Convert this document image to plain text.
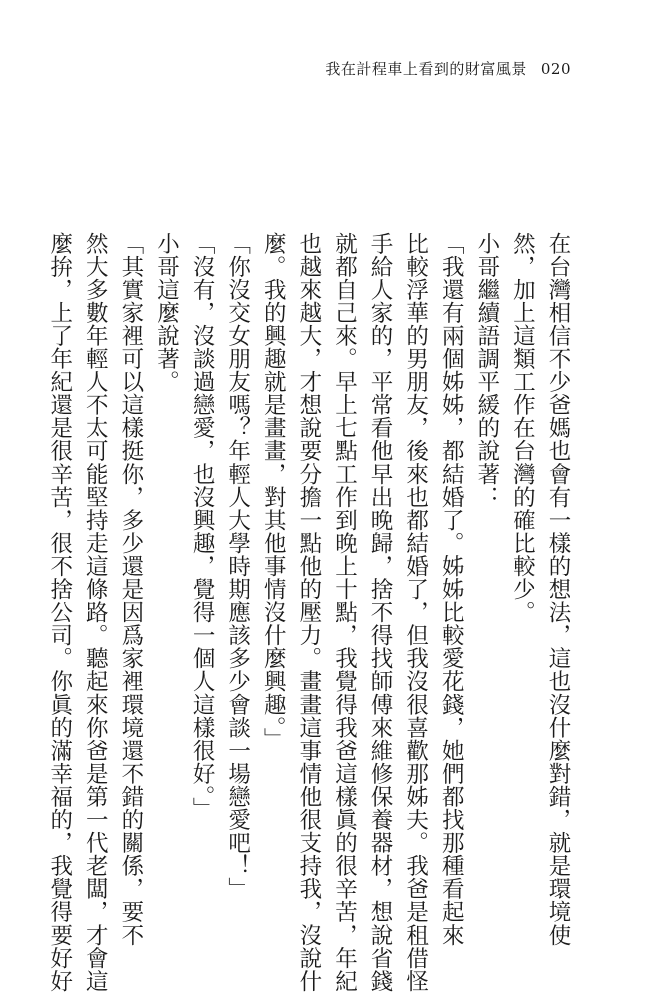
我在計程車上看到的財富風景 020
在台灣相信不少爸媽也會有一樣的想法，這也沒什麼對錯，就是環境使
然，加上這類工作在台灣的確比較少。
小哥繼續語調平緩的說著：
「我還有兩個姊姊，都結婚了。姊姊比較愛花錢，她們都找那種看起來
比較浮華的男朋友，後來也都結婚了，但我沒很喜歡那姊夫。我爸是租借怪
手給人家的，平常看他早出晚歸，捨不得找師傅來維修保養器材，想說省錢
就都自己來。早上七點工作到晚上十點，我覺得我爸這樣眞的很辛苦，年紀
也越來越大，才想說要分擔一點他的壓力。畫畫這事情他很支持我，沒說什
麼。我的興趣就是畫畫，對其他事情沒什麼興趣。」
「你沒交女朋友嗎？年輕人大學時期應該多少會談一場戀愛吧！」
「沒有，沒談過戀愛，也沒興趣，覺得一個人這樣很好。」
小哥這麼說著。
「其實家裡可以這樣挺你，多少還是因爲家裡環境還不錯的關係，要不
然大多數年輕人不太可能堅持走這條路。聽起來你爸是第一代老闆，才會這
麼拚，上了年紀還是很辛苦，很不捨公司。你眞的滿幸福的，我覺得要好好
